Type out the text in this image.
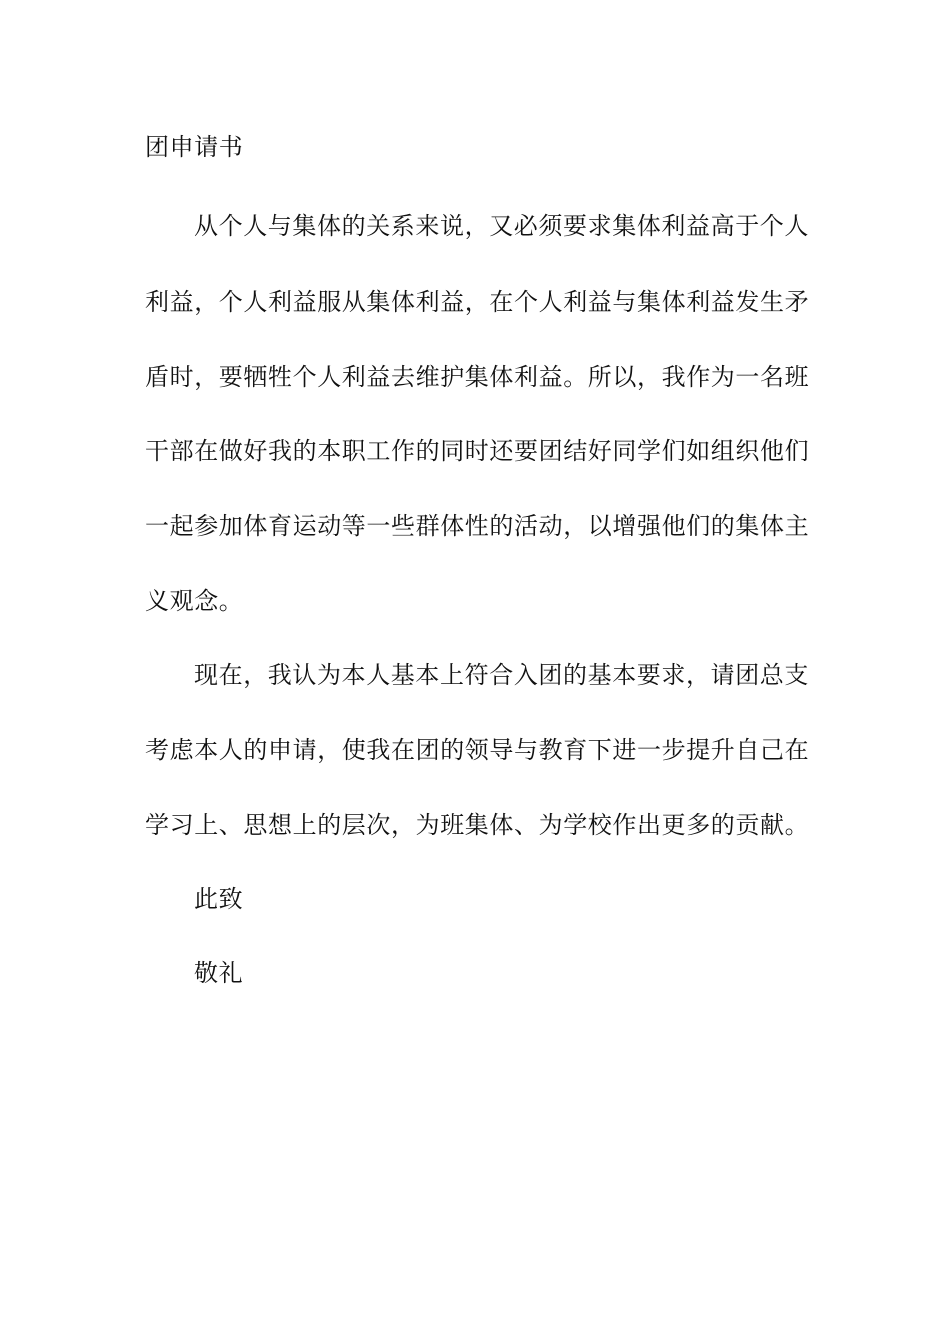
团申请书
从个人与集体的关系来说，又必须要求集体利益高于个人
利益，个人利益服从集体利益，在个人利益与集体利益发生矛
盾时，要牺牲个人利益去维护集体利益。所以，我作为一名班
干部在做好我的本职工作的同时还要团结好同学们如组织他们
一起参加体育运动等一些群体性的活动，以增强他们的集体主
义观念。
现在，我认为本人基本上符合入团的基本要求，请团总支
考虑本人的申请，使我在团的领导与教育下进一步提升自己在
学习上、思想上的层次，为班集体、为学校作出更多的贡献。
此致
敬礼
